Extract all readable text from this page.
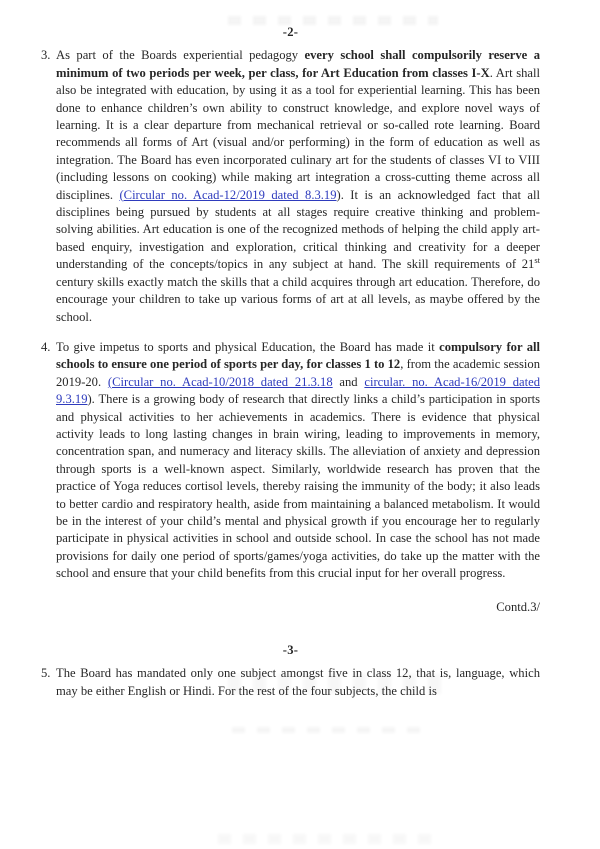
-2-
3. As part of the Boards experiential pedagogy every school shall compulsorily reserve a minimum of two periods per week, per class, for Art Education from classes I-X. Art shall also be integrated with education, by using it as a tool for experiential learning. This has been done to enhance children’s own ability to construct knowledge, and explore novel ways of learning. It is a clear departure from mechanical retrieval or so-called rote learning. Board recommends all forms of Art (visual and/or performing) in the form of education as well as integration. The Board has even incorporated culinary art for the students of classes VI to VIII (including lessons on cooking) while making art integration a cross-cutting theme across all disciplines. (Circular no. Acad-12/2019 dated 8.3.19). It is an acknowledged fact that all disciplines being pursued by students at all stages require creative thinking and problem-solving abilities. Art education is one of the recognized methods of helping the child apply art-based enquiry, investigation and exploration, critical thinking and creativity for a deeper understanding of the concepts/topics in any subject at hand. The skill requirements of 21st century skills exactly match the skills that a child acquires through art education. Therefore, do encourage your children to take up various forms of art at all levels, as maybe offered by the school.

4. To give impetus to sports and physical Education, the Board has made it compulsory for all schools to ensure one period of sports per day, for classes 1 to 12, from the academic session 2019-20. (Circular no. Acad-10/2018 dated 21.3.18 and circular. no. Acad-16/2019 dated 9.3.19). There is a growing body of research that directly links a child’s participation in sports and physical activities to her achievements in academics. There is evidence that physical activity leads to long lasting changes in brain wiring, leading to improvements in memory, concentration span, and numeracy and literacy skills. The alleviation of anxiety and depression through sports is a well-known aspect. Similarly, worldwide research has proven that the practice of Yoga reduces cortisol levels, thereby raising the immunity of the body; it also leads to better cardio and respiratory health, aside from maintaining a balanced metabolism. It would be in the interest of your child’s mental and physical growth if you encourage her to regularly participate in physical activities in school and outside school. In case the school has not made provisions for daily one period of sports/games/yoga activities, do take up the matter with the school and ensure that your child benefits from this crucial input for her overall progress.

Contd.3/
-3-
5. The Board has mandated only one subject amongst five in class 12, that is, language, which may be either English or Hindi. For the rest of the four subjects, the child is
